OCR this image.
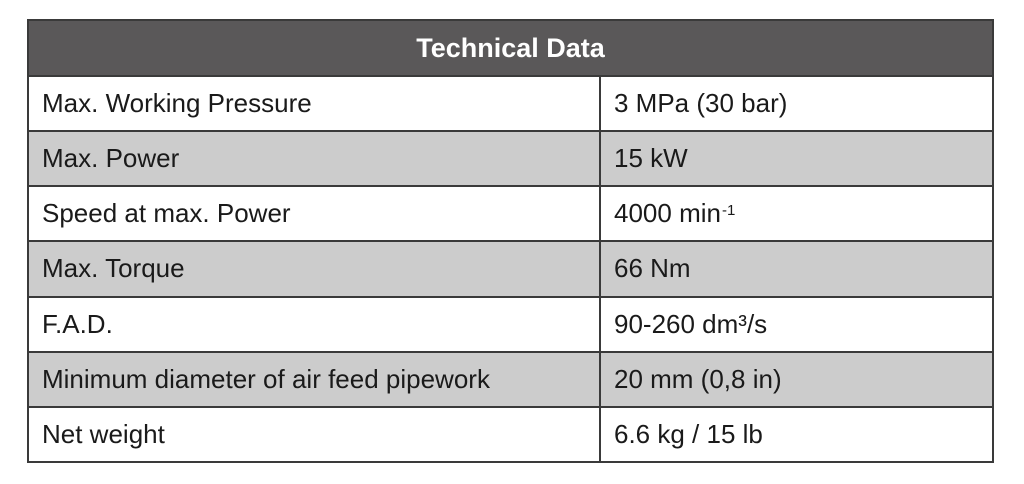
Technical Data
Max. Working Pressure	3 MPa (30 bar)
Max. Power	15 kW
Speed at max. Power	4000 $\min^{-1}$
Max. Torque	66 Nm
F.A.D.	90-260 dm³/s
Minimum diameter of air feed pipework	20 mm (0,8 in)
Net weight	6.6 kg / 15 lb
